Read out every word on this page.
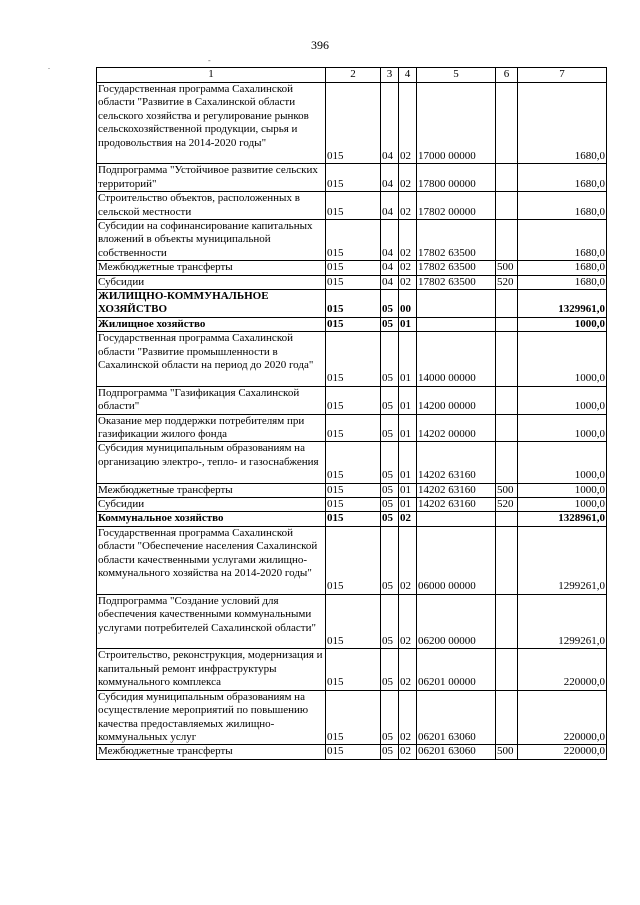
396
.
-
1	2	3	4	5	6	7
Государственная программа Сахалинской области "Развитие в Сахалинской области сельского хозяйства и регулирование рынков сельскохозяйственной продукции, сырья и продовольствия на 2014-2020 годы"	015	04	02	17000 00000		1680,0
Подпрограмма "Устойчивое развитие сельских территорий"	015	04	02	17800 00000		1680,0
Строительство объектов, расположенных в сельской местности	015	04	02	17802 00000		1680,0
Субсидии на софинансирование капитальных вложений в объекты муниципальной собственности	015	04	02	17802 63500		1680,0
Межбюджетные трансферты	015	04	02	17802 63500	500	1680,0
Субсидии	015	04	02	17802 63500	520	1680,0
ЖИЛИЩНО-КОММУНАЛЬНОЕ ХОЗЯЙСТВО	015	05	00			1329961,0
Жилищное хозяйство	015	05	01			1000,0
Государственная программа Сахалинской области "Развитие промышленности в Сахалинской области на период до 2020 года"	015	05	01	14000 00000		1000,0
Подпрограмма "Газификация Сахалинской области"	015	05	01	14200 00000		1000,0
Оказание мер поддержки потребителям при газификации жилого фонда	015	05	01	14202 00000		1000,0
Субсидия муниципальным образованиям на организацию электро-, тепло- и газоснабжения	015	05	01	14202 63160		1000,0
Межбюджетные трансферты	015	05	01	14202 63160	500	1000,0
Субсидии	015	05	01	14202 63160	520	1000,0
Коммунальное хозяйство	015	05	02			1328961,0
Государственная программа Сахалинской области "Обеспечение населения Сахалинской области качественными услугами жилищно-коммунального хозяйства на 2014-2020 годы"	015	05	02	06000 00000		1299261,0
Подпрограмма "Создание условий для обеспечения качественными коммунальными услугами потребителей Сахалинской области"	015	05	02	06200 00000		1299261,0
Строительство, реконструкция, модернизация и капитальный ремонт инфраструктуры коммунального комплекса	015	05	02	06201 00000		220000,0
Субсидия муниципальным образованиям на осуществление мероприятий по повышению качества предоставляемых жилищно-коммунальных услуг	015	05	02	06201 63060		220000,0
Межбюджетные трансферты	015	05	02	06201 63060	500	220000,0
